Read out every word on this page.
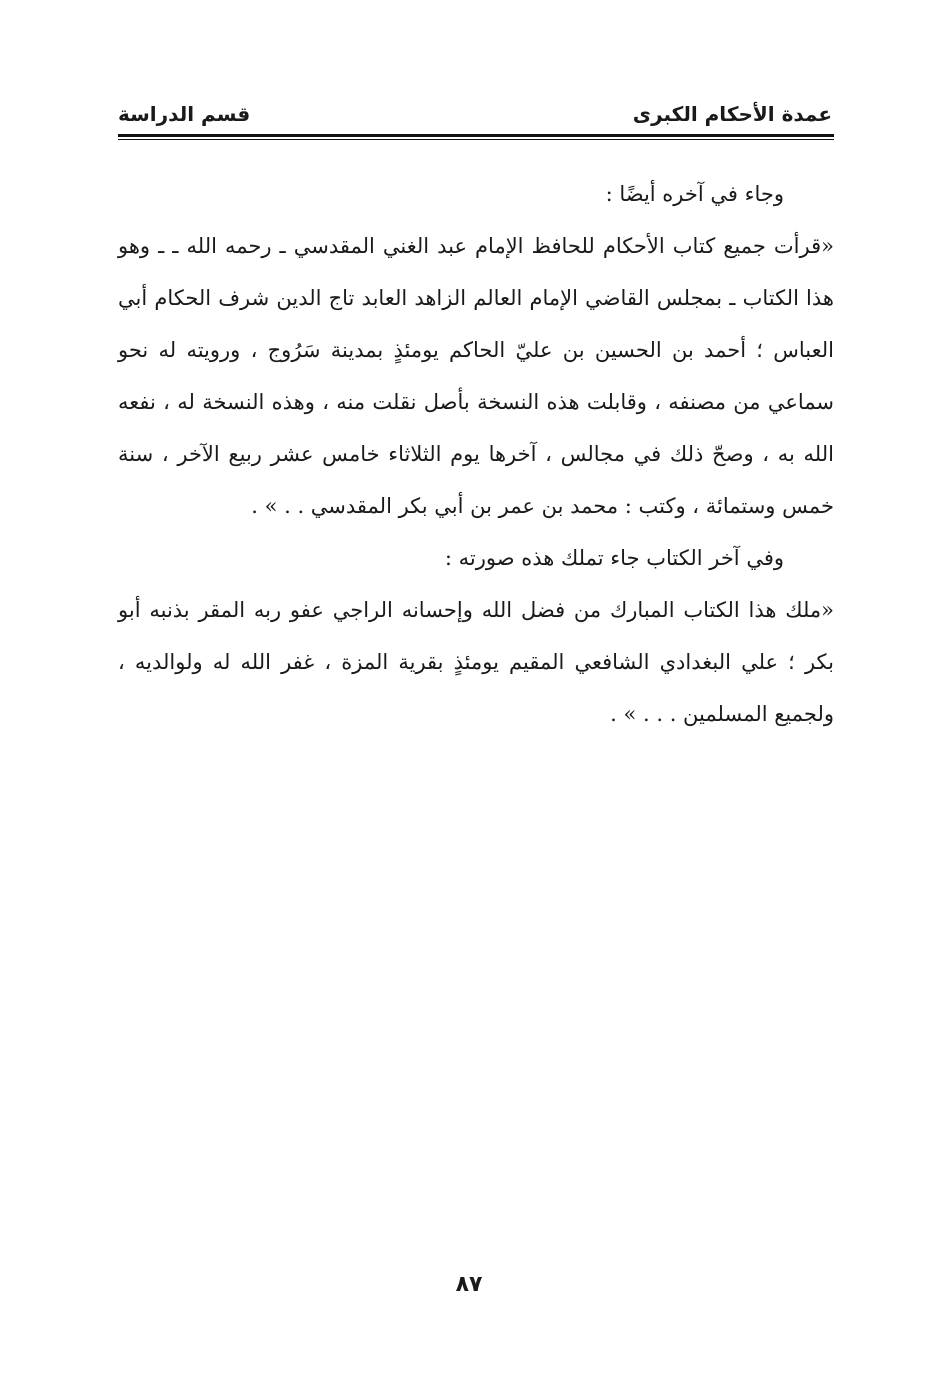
عمدة الأحكام الكبرى
قسم الدراسة

وجاء في آخره أيضًا :

«قرأت جميع كتاب الأحكام للحافظ الإمام عبد الغني المقدسي ـ رحمه الله ـ ـ وهو هذا الكتاب ـ بمجلس القاضي الإمام العالم الزاهد العابد تاج الدين شرف الحكام أبي العباس ؛ أحمد بن الحسين بن عليّ الحاكم يومئذٍ بمدينة سَرُوج ، ورويته له نحو سماعي من مصنفه ، وقابلت هذه النسخة بأصل نقلت منه ، وهذه النسخة له ، نفعه الله به ، وصحّ ذلك في مجالس ، آخرها يوم الثلاثاء خامس عشر ربيع الآخر ، سنة خمس وستمائة ، وكتب : محمد بن عمر بن أبي بكر المقدسي . . » .

وفي آخر الكتاب جاء تملك هذه صورته :

«ملك هذا الكتاب المبارك من فضل الله وإحسانه الراجي عفو ربه المقر بذنبه أبو بكر ؛ علي البغدادي الشافعي المقيم يومئذٍ بقرية المزة ، غفر الله له ولوالديه ، ولجميع المسلمين . . . » .

٨٧
